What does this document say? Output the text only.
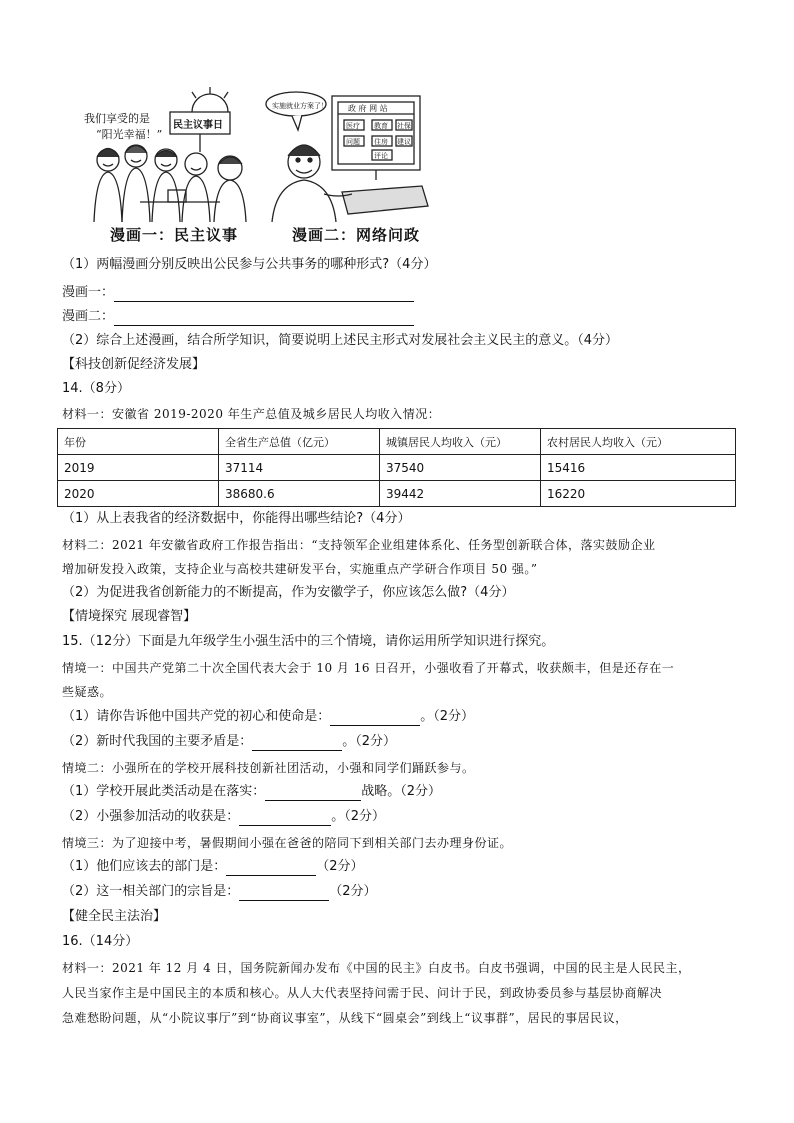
我们享受的是
“阳光幸福！”
民主议事日
漫画一：民主议事
实施就业方案了！	政 府 网 站
医疗 教育 社保
问题 住房 建议
评论
漫画二：网络问政
（1）两幅漫画分别反映出公民参与公共事务的哪种形式?（4分）
漫画一：
漫画二：
（2）综合上述漫画，结合所学知识，简要说明上述民主形式对发展社会主义民主的意义。（4分）
【科技创新促经济发展】
14.（8分）
材料一：安徽省 2019-2020 年生产总值及城乡居民人均收入情况：
年份	全省生产总值（亿元）	城镇居民人均收入（元）	农村居民人均收入（元）
2019	37114	37540	15416
2020	38680.6	39442	16220
（1）从上表我省的经济数据中，你能得出哪些结论?（4分）
材料二：2021 年安徽省政府工作报告指出：“支持领军企业组建体系化、任务型创新联合体，落实鼓励企业
增加研发投入政策，支持企业与高校共建研发平台，实施重点产学研合作项目 50 强。”
（2）为促进我省创新能力的不断提高，作为安徽学子，你应该怎么做?（4分）
【情境探究 展现睿智】
15.（12分）下面是九年级学生小强生活中的三个情境，请你运用所学知识进行探究。
情境一：中国共产党第二十次全国代表大会于 10 月 16 日召开，小强收看了开幕式，收获颇丰，但是还存在一
些疑惑。
（1）请你告诉他中国共产党的初心和使命是：	。（2分）
（2）新时代我国的主要矛盾是：	。（2分）
情境二：小强所在的学校开展科技创新社团活动，小强和同学们踊跃参与。
（1）学校开展此类活动是在落实：	战略。（2分）
（2）小强参加活动的收获是：	。（2分）
情境三：为了迎接中考，暑假期间小强在爸爸的陪同下到相关部门去办理身份证。
（1）他们应该去的部门是：	（2分）
（2）这一相关部门的宗旨是：	（2分）
【健全民主法治】
16.（14分）
材料一：2021 年 12 月 4 日，国务院新闻办发布《中国的民主》白皮书。白皮书强调，中国的民主是人民民主，
人民当家作主是中国民主的本质和核心。从人大代表坚持问需于民、问计于民，到政协委员参与基层协商解决
急难愁盼问题，从“小院议事厅”到“协商议事室”，从线下“圆桌会”到线上“议事群”，居民的事居民议，
